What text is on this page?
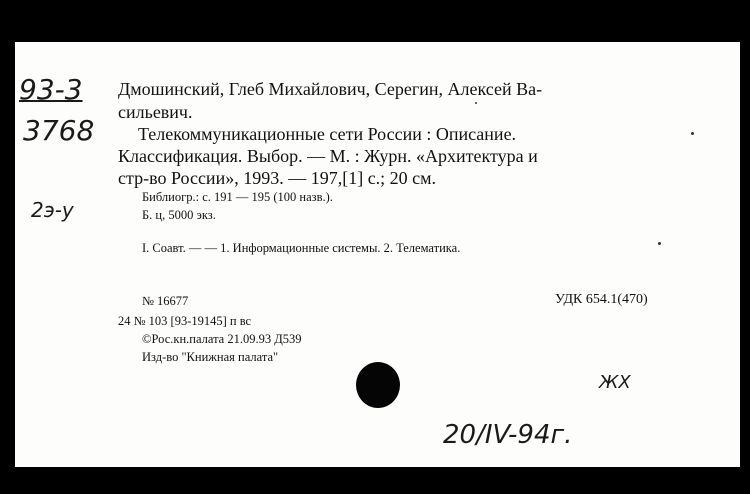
93-3
3768
2э-у
Дмошинский, Глеб Михайлович, Серегин, Алексей Ва-
сильевич.
Телекоммуникационные сети России : Описание.
Классификация. Выбор. — М. : Журн. «Архитектура и
стр-во России», 1993. — 197,[1] с.; 20 см.
Библиогр.: с. 191 — 195 (100 назв.).
Б. ц, 5000 экз.
I. Соавт. — — 1. Информационные системы. 2. Телематика.
№ 16677	УДК 654.1(470)
24 № 103 [93-19145] п вс
©Рос.кн.палата 21.09.93 Д539
Изд-во "Книжная палата"
ЖХ
20/IV-94г.
